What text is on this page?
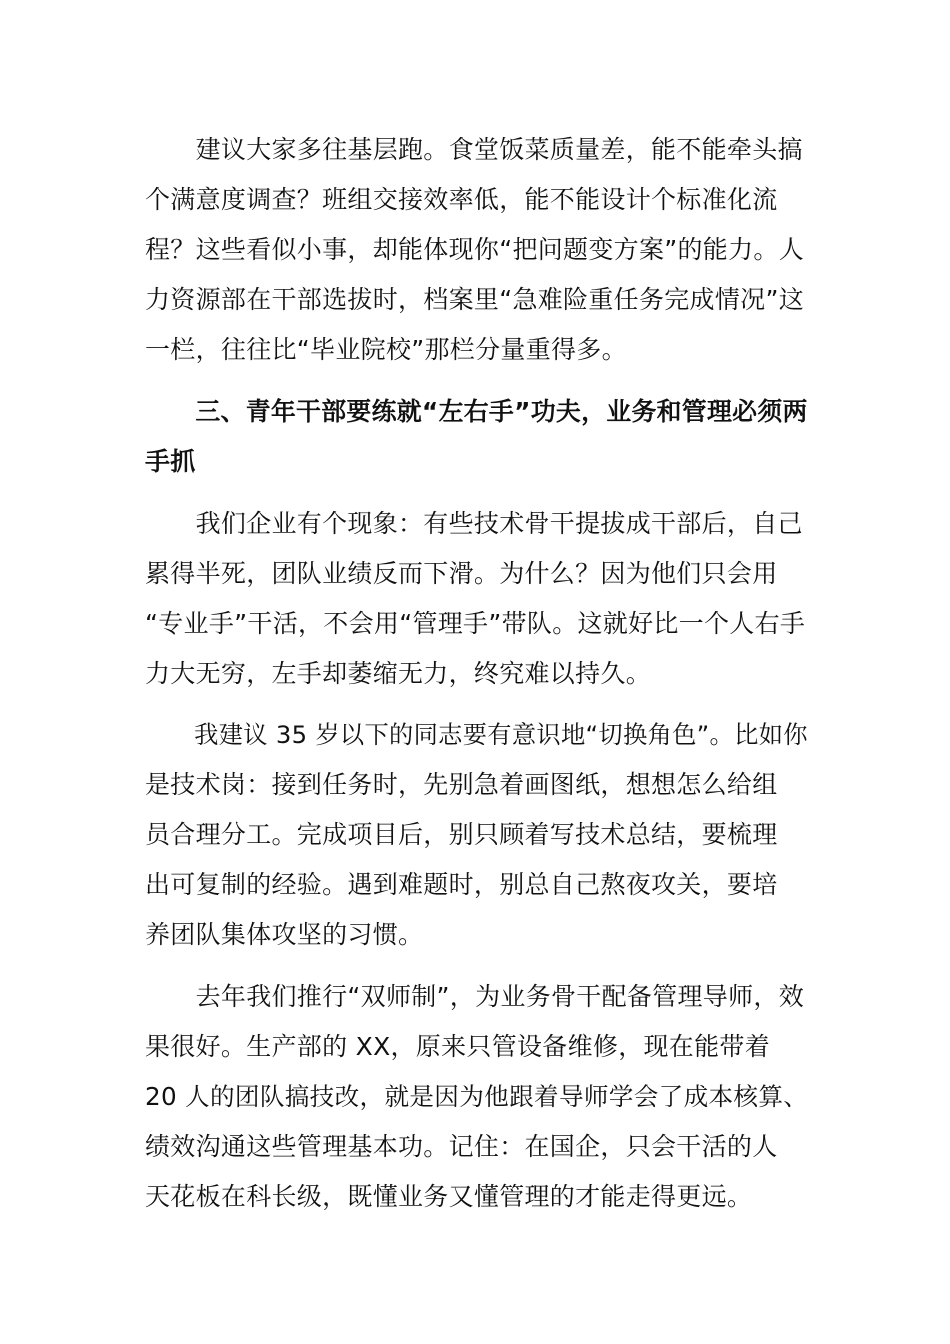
　　建议大家多往基层跑。食堂饭菜质量差，能不能牵头搞
个满意度调查？班组交接效率低，能不能设计个标准化流
程？这些看似小事，却能体现你“把问题变方案”的能力。人
力资源部在干部选拔时，档案里“急难险重任务完成情况”这
一栏，往往比“毕业院校”那栏分量重得多。
　　三、青年干部要练就“左右手”功夫，业务和管理必须两
手抓
　　我们企业有个现象：有些技术骨干提拔成干部后，自己
累得半死，团队业绩反而下滑。为什么？因为他们只会用
“专业手”干活，不会用“管理手”带队。这就好比一个人右手
力大无穷，左手却萎缩无力，终究难以持久。
　　我建议 35 岁以下的同志要有意识地“切换角色”。比如你
是技术岗：接到任务时，先别急着画图纸，想想怎么给组
员合理分工。完成项目后，别只顾着写技术总结，要梳理
出可复制的经验。遇到难题时，别总自己熬夜攻关，要培
养团队集体攻坚的习惯。
　　去年我们推行“双师制”，为业务骨干配备管理导师，效
果很好。生产部的 XX，原来只管设备维修，现在能带着
20 人的团队搞技改，就是因为他跟着导师学会了成本核算、
绩效沟通这些管理基本功。记住：在国企，只会干活的人
天花板在科长级，既懂业务又懂管理的才能走得更远。
